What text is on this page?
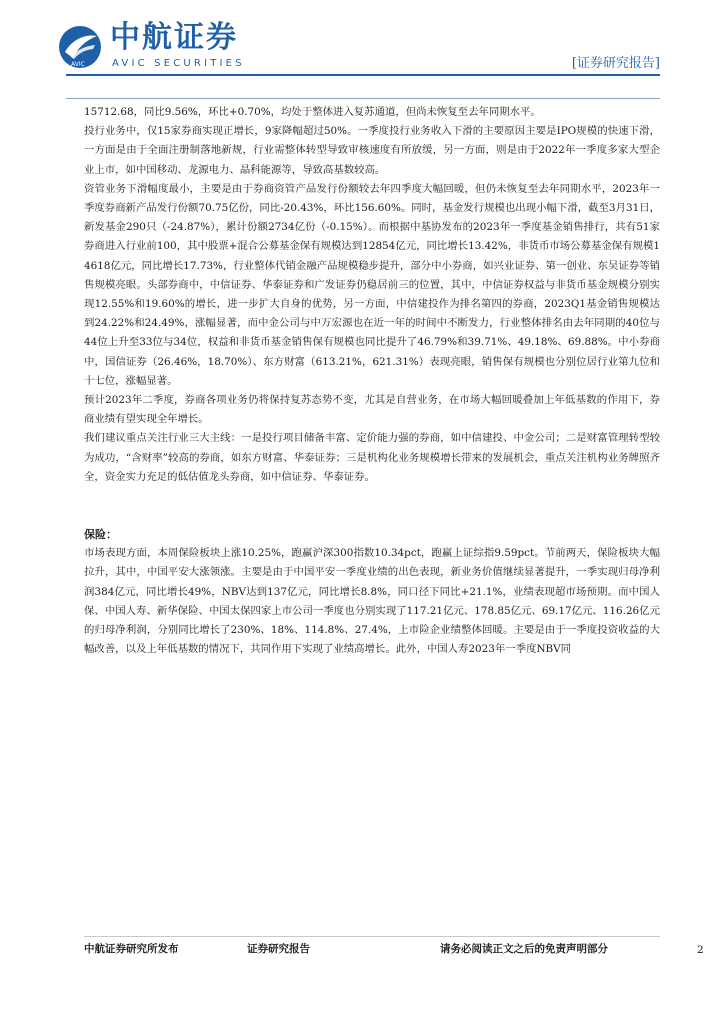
AVIC
中航证券
AVIC SECURITIES	[证券研究报告]

15712.68，同比9.56%，环比+0.70%，均处于整体进入复苏通道，但尚未恢复至去年同期水平。

投行业务中，仅15家券商实现正增长，9家降幅超过50%。一季度投行业务收入下滑的主要原因主要是IPO规模的快速下滑，一方面是由于全面注册制落地新规，行业需整体转型导致审核速度有所放缓，另一方面，则是由于2022年一季度多家大型企业上市，如中国移动、龙源电力、晶科能源等，导致高基数较高。

资管业务下滑幅度最小，主要是由于券商资管产品发行份额较去年四季度大幅回暖，但仍未恢复至去年同期水平，2023年一季度券商新产品发行份额70.75亿份，同比-20.43%，环比156.60%。同时，基金发行规模也出现小幅下滑，截至3月31日，新发基金290只（-24.87%），累计份额2734亿份（-0.15%）。而根据中基协发布的2023年一季度基金销售排行，共有51家券商进入行业前100，其中股票+混合公募基金保有规模达到12854亿元，同比增长13.42%，非货币市场公募基金保有规模14618亿元，同比增长17.73%，行业整体代销金融产品规模稳步提升，部分中小券商，如兴业证券、第一创业、东吴证券等销售规模亮眼。头部券商中，中信证券、华泰证券和广发证券仍稳居前三的位置，其中，中信证券权益与非货币基金规模分别实现12.55%和19.60%的增长，进一步扩大自身的优势，另一方面，中信建投作为排名第四的券商，2023Q1基金销售规模达到24.22%和24.49%，涨幅显著，而中金公司与中万宏源也在近一年的时间中不断发力，行业整体排名由去年同期的40位与44位上升至33位与34位，权益和非货币基金销售保有规模也同比提升了46.79%和39.71%、49.18%、69.88%。中小券商中，国信证券（26.46%，18.70%）、东方财富（613.21%，621.31%）表现亮眼，销售保有规模也分别位居行业第九位和十七位，涨幅显著。

预计2023年二季度，券商各项业务仍将保持复苏态势不变，尤其是自营业务，在市场大幅回暖叠加上年低基数的作用下，券商业绩有望实现全年增长。

我们建议重点关注行业三大主线：一是投行项目储备丰富、定价能力强的券商，如中信建投、中金公司；二是财富管理转型较为成功，“含财率”较高的券商，如东方财富、华泰证券；三是机构化业务规模增长带来的发展机会，重点关注机构业务牌照齐全，资金实力充足的低估值龙头券商，如中信证券、华泰证券。

保险：

市场表现方面，本周保险板块上涨10.25%，跑赢沪深300指数10.34pct，跑赢上证综指9.59pct。节前两天，保险板块大幅拉升，其中，中国平安大涨领涨。主要是由于中国平安一季度业绩的出色表现，新业务价值继续显著提升，一季实现归母净利润384亿元，同比增长49%，NBV达到137亿元，同比增长8.8%，同口径下同比+21.1%，业绩表现超市场预期。而中国人保、中国人寿、新华保险、中国太保四家上市公司一季度也分别实现了117.21亿元、178.85亿元、69.17亿元、116.26亿元的归母净利润，分别同比增长了230%、18%、114.8%、27.4%，上市险企业绩整体回暖。主要是由于一季度投资收益的大幅改善，以及上年低基数的情况下，共同作用下实现了业绩高增长。此外，中国人寿2023年一季度NBV同

中航证券研究所发布	证券研究报告	请务必阅读正文之后的免责声明部分	2
